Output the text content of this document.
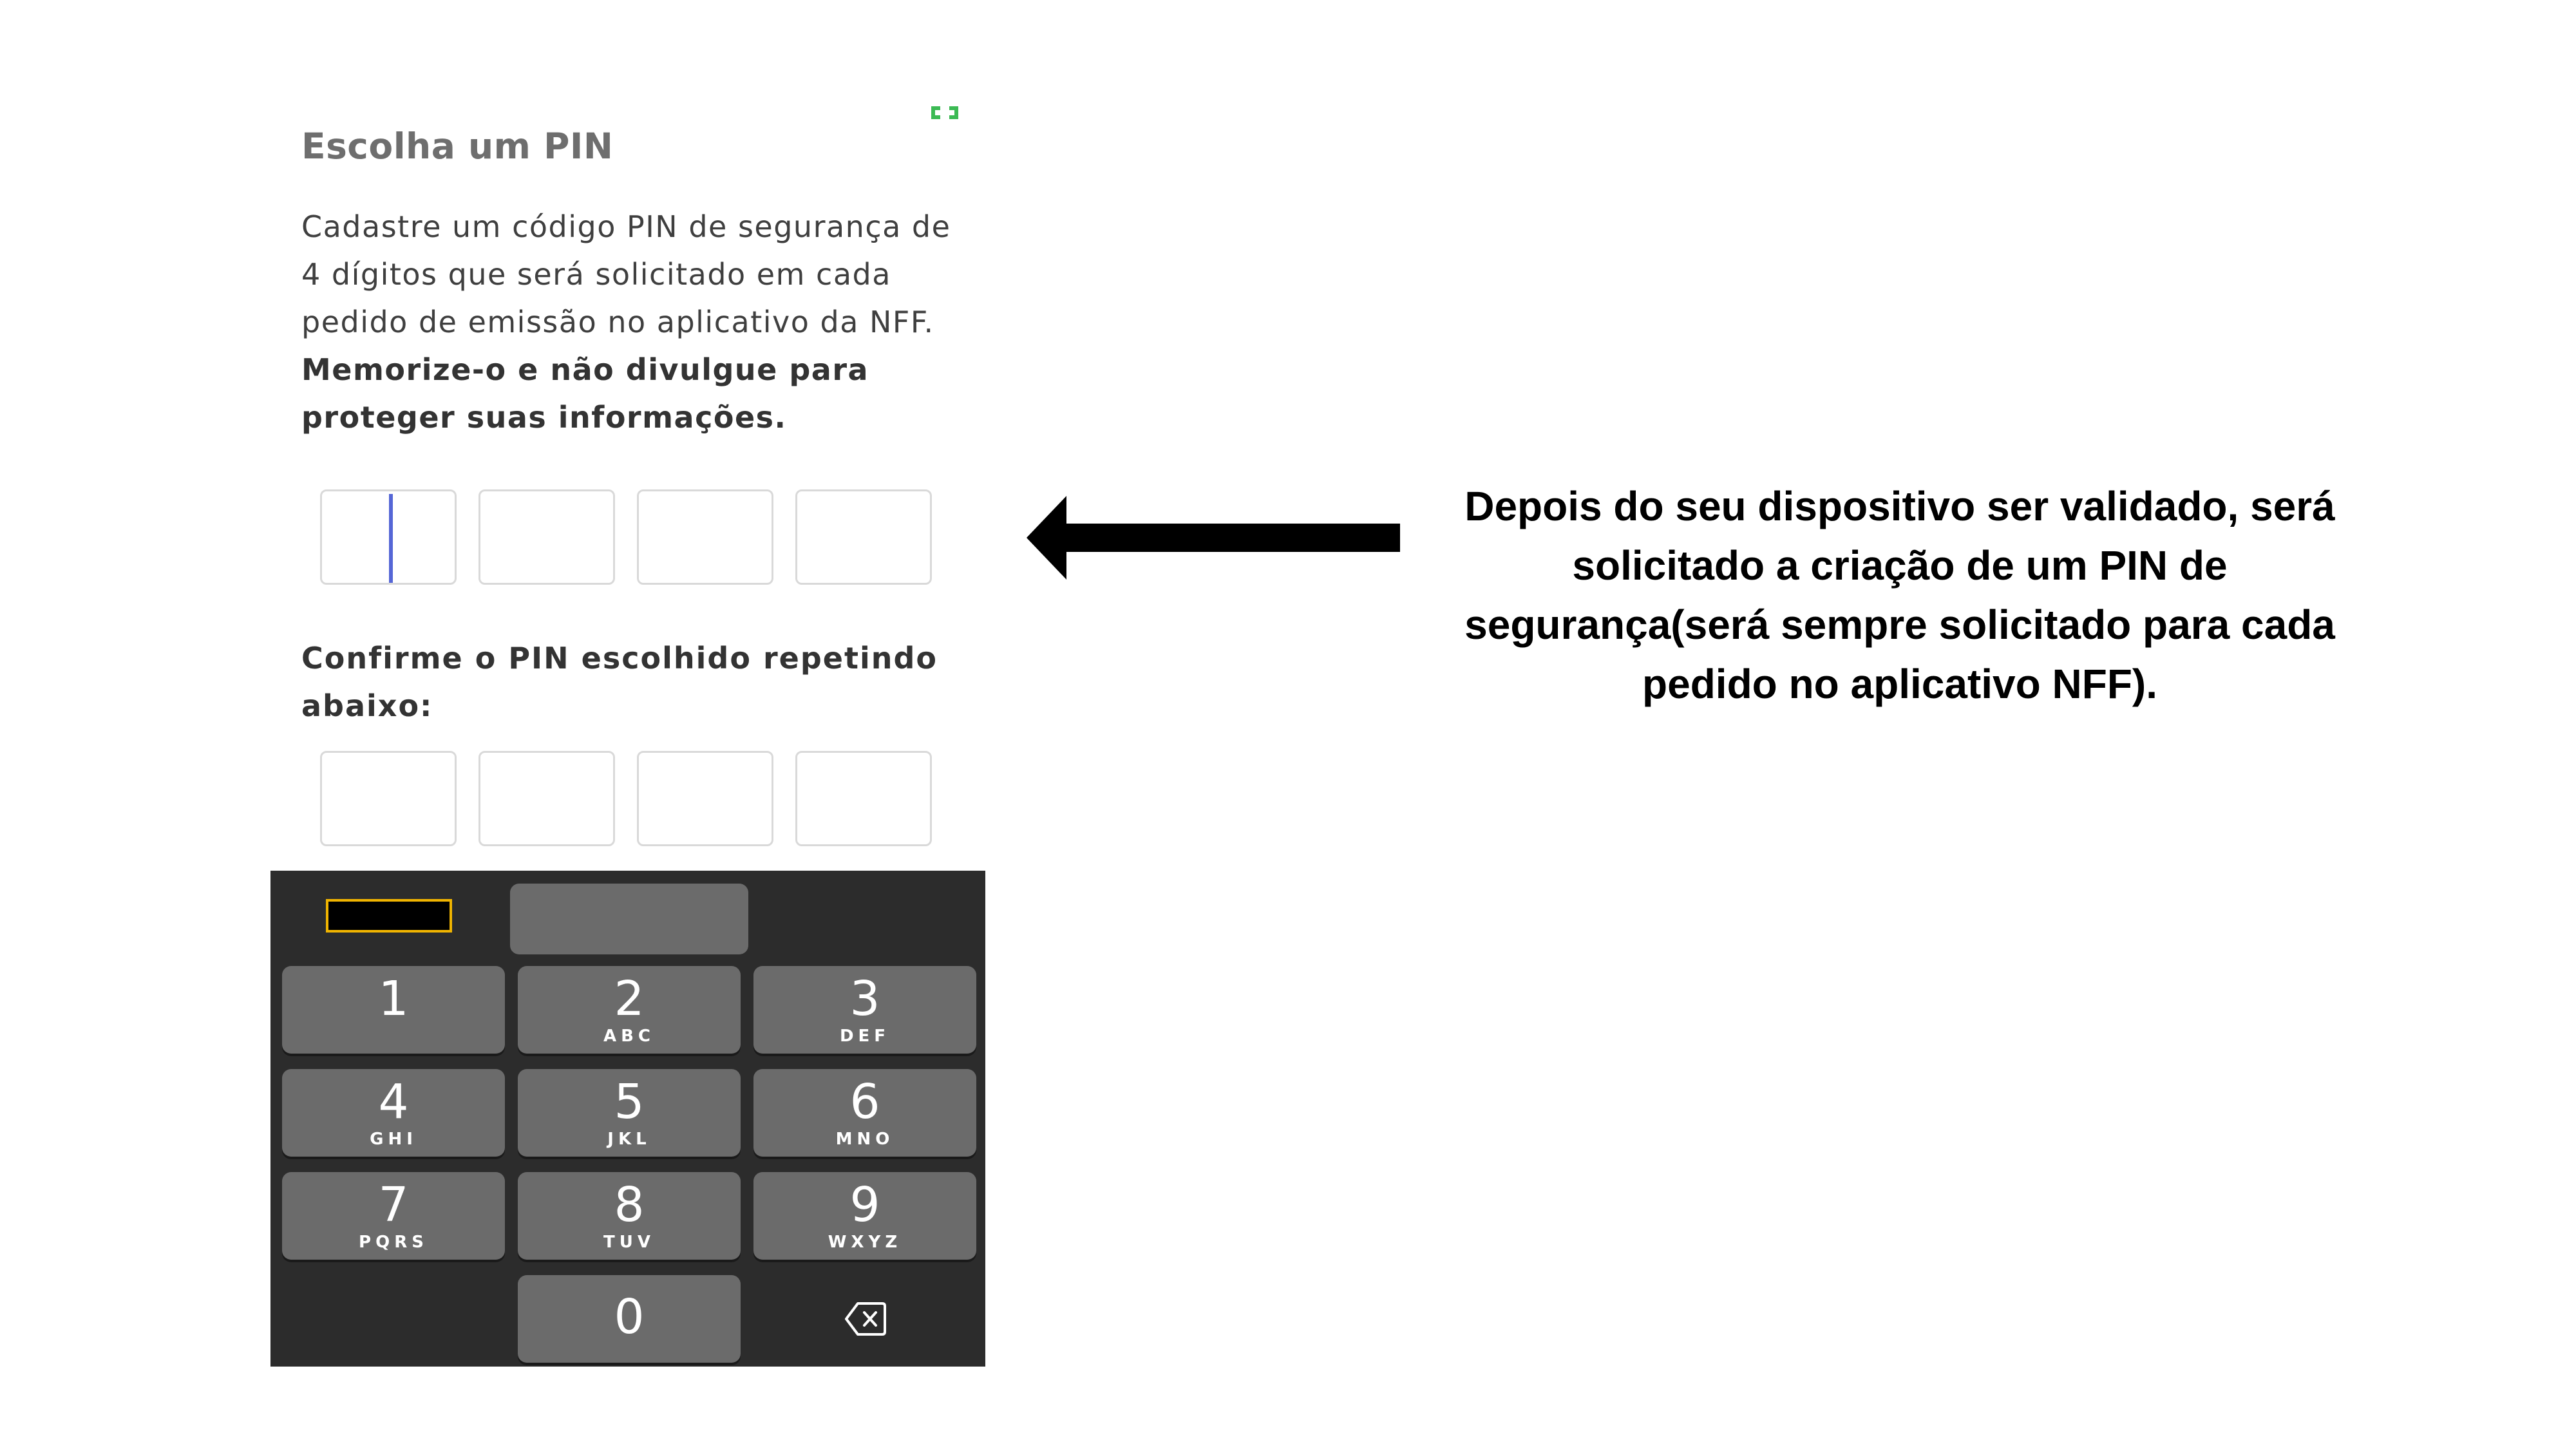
Escolha um PIN
Cadastre um código PIN de segurança de
4 dígitos que será solicitado em cada
pedido de emissão no aplicativo da NFF.
Memorize-o e não divulgue para
proteger suas informações.
Confirme o PIN escolhido repetindo
abaixo:
1	2
ABC
3
DEF
4
GHI
5
JKL
6
MNO
7
PQRS
8
TUV
9
WXYZ
0
Depois do seu dispositivo ser validado, será
solicitado a criação de um PIN de
segurança(será sempre solicitado para cada
pedido no aplicativo NFF).
